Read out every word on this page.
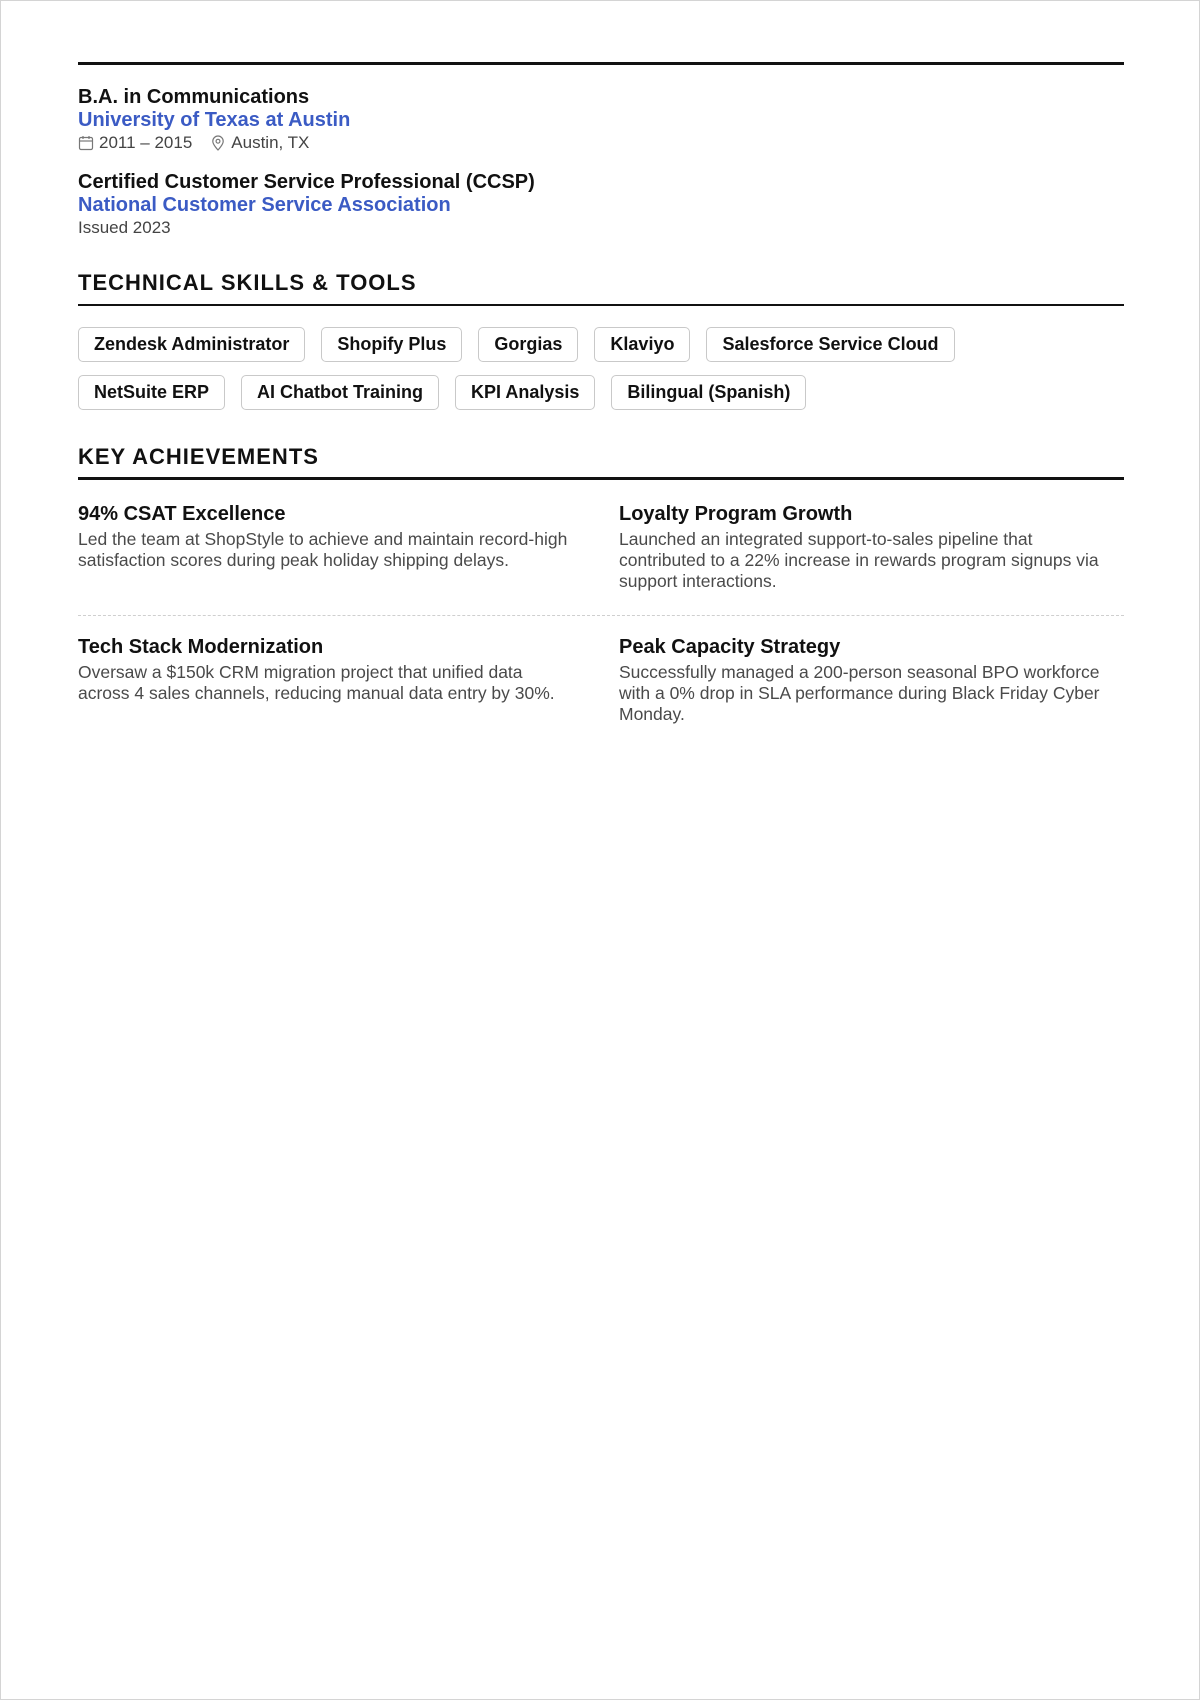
B.A. in Communications
University of Texas at Austin
2011 – 2015 Austin, TX
Certified Customer Service Professional (CCSP)
National Customer Service Association
Issued 2023
TECHNICAL SKILLS & TOOLS
Zendesk Administrator	Shopify Plus	Gorgias	Klaviyo	Salesforce Service Cloud
NetSuite ERP	AI Chatbot Training	KPI Analysis	Bilingual (Spanish)
KEY ACHIEVEMENTS
94% CSAT Excellence
Led the team at ShopStyle to achieve and maintain record-high satisfaction scores during peak holiday shipping delays.
Loyalty Program Growth
Launched an integrated support-to-sales pipeline that contributed to a 22% increase in rewards program signups via support interactions.
Tech Stack Modernization
Oversaw a $150k CRM migration project that unified data across 4 sales channels, reducing manual data entry by 30%.
Peak Capacity Strategy
Successfully managed a 200-person seasonal BPO workforce with a 0% drop in SLA performance during Black Friday Cyber Monday.
